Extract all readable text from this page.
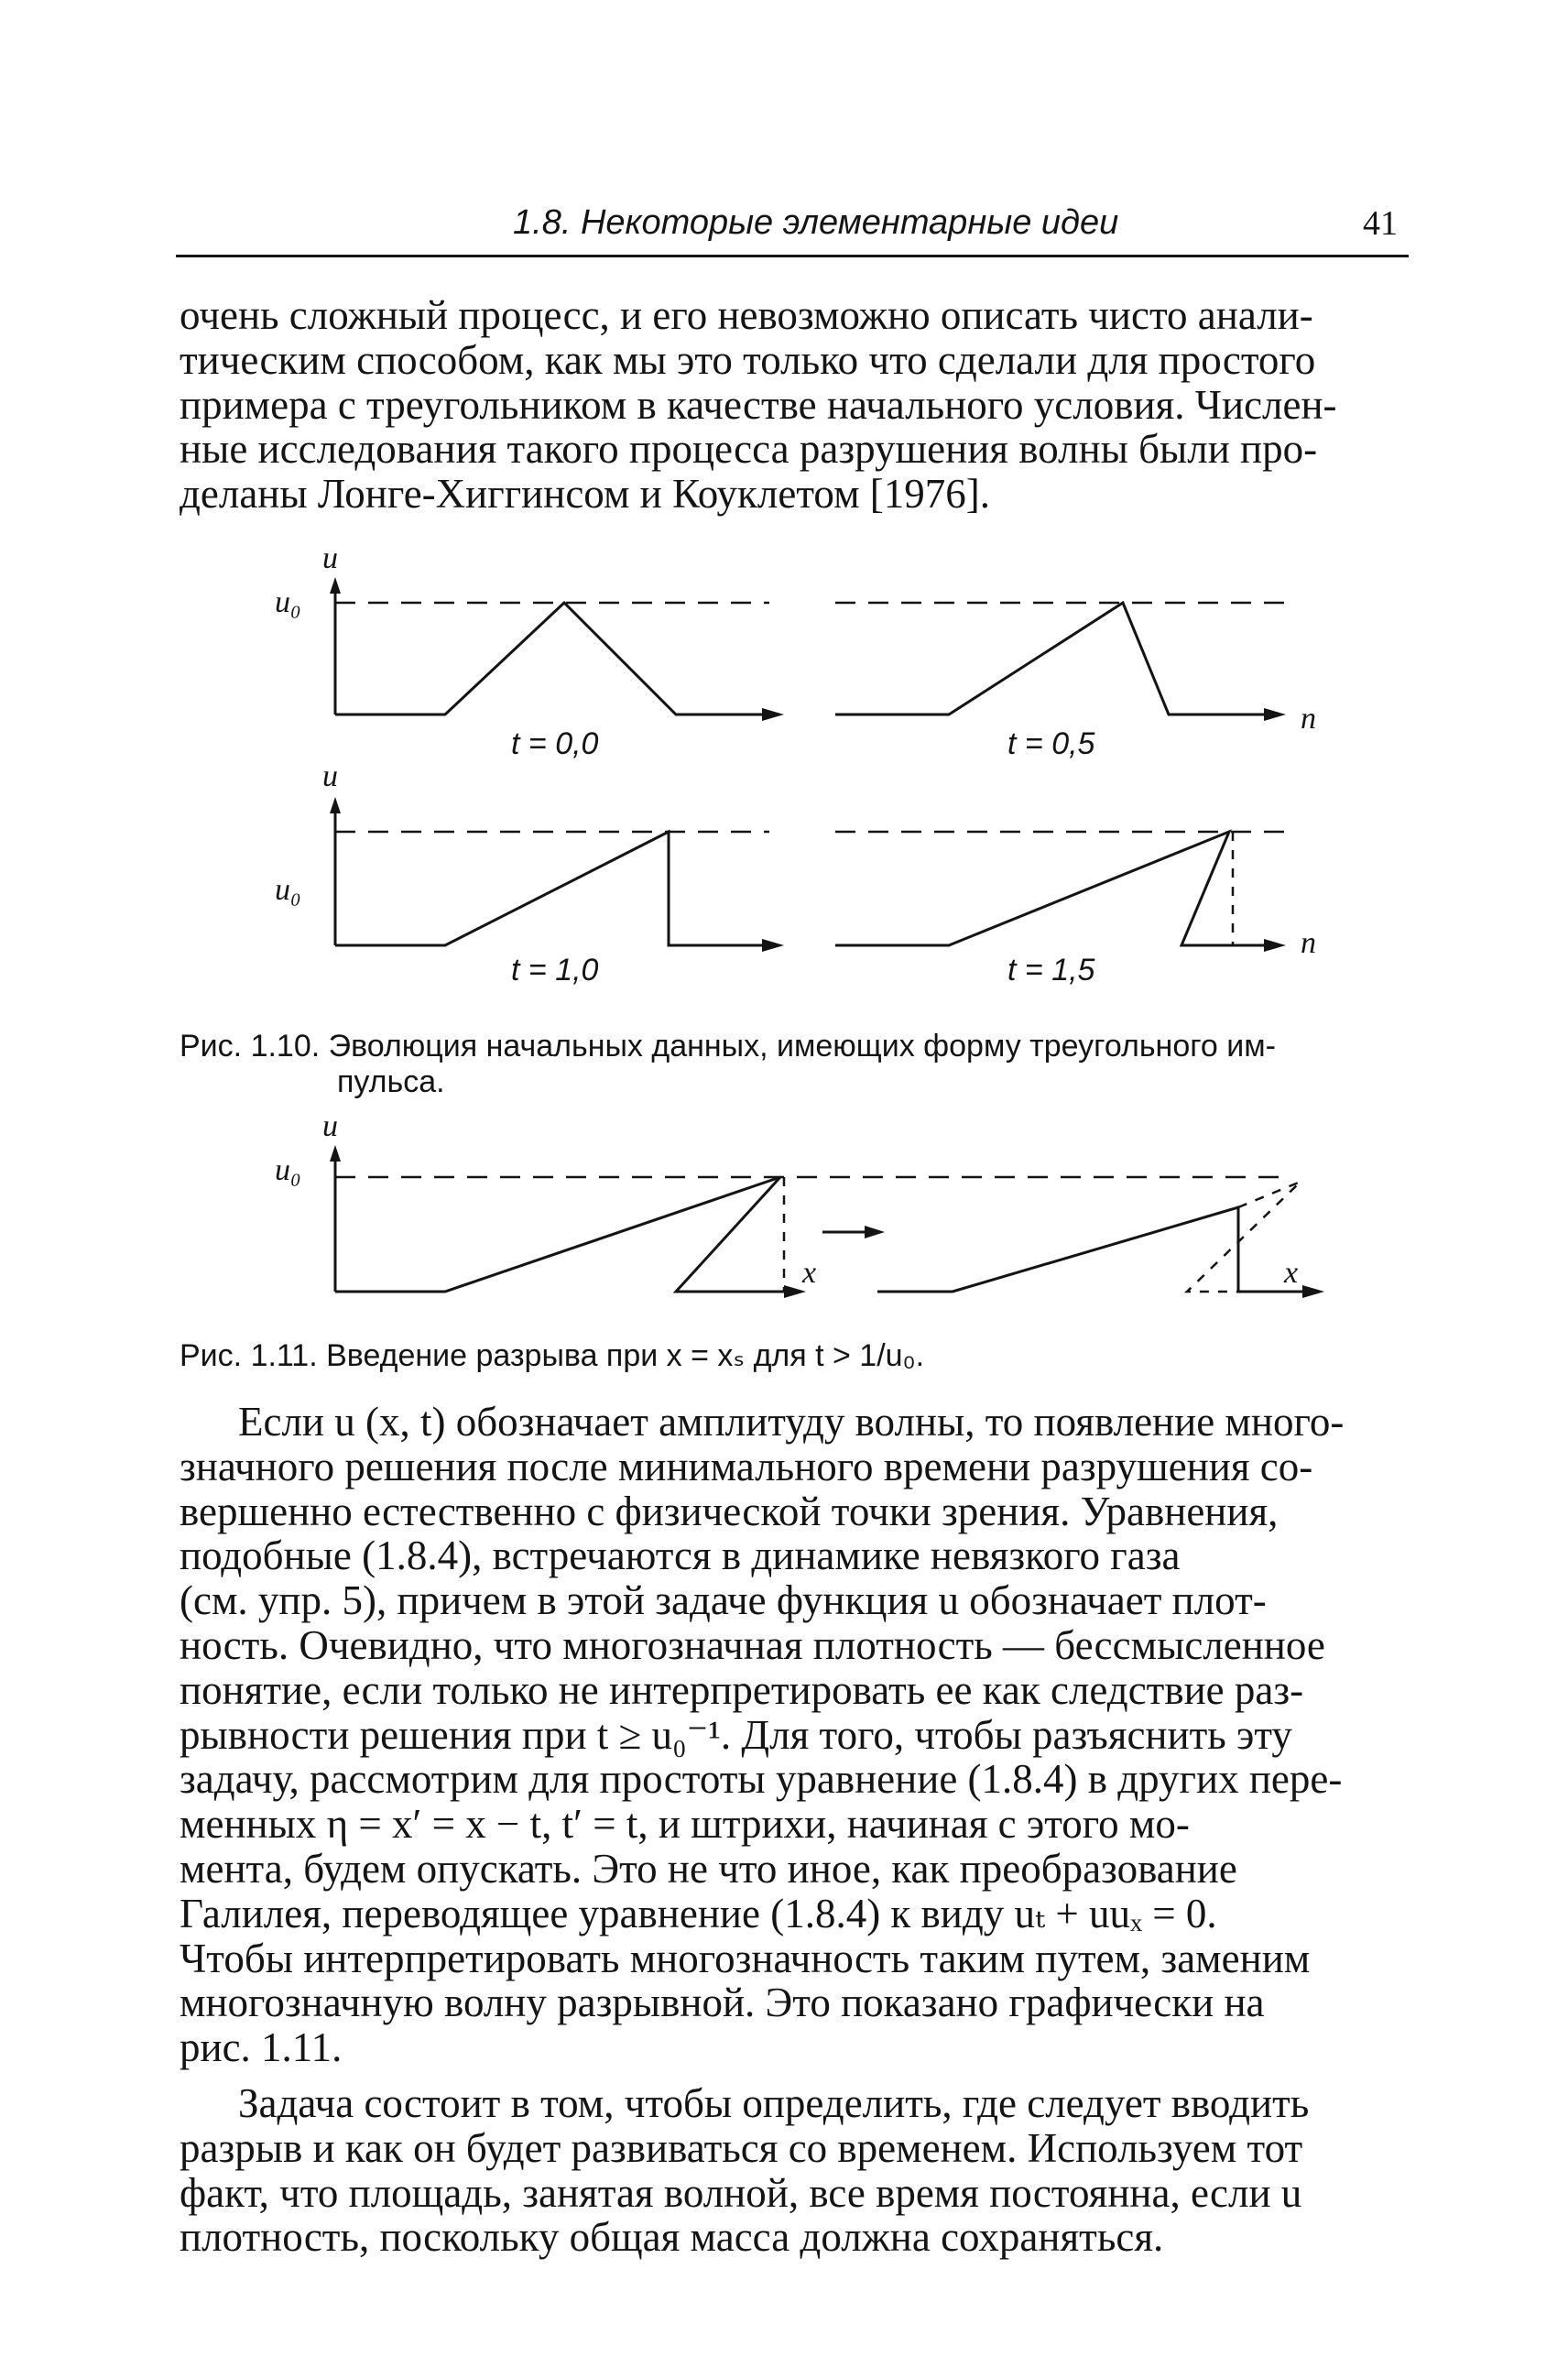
1.8. Некоторые элементарные идеи	41
очень сложный процесс, и его невозможно описать чисто анали-
тическим способом, как мы это только что сделали для простого
примера с треугольником в качестве начального условия. Числен-
ные исследования такого процесса разрушения волны были про-
деланы Лонге-Хиггинсом и Коуклетом [1976].
u
u₀
t = 0,0
n
t = 0,5
u
u₀
t = 1,0
n
t = 1,5
Рис. 1.10. Эволюция начальных данных, имеющих форму треугольного им-
пульса.
u
u₀
x	x
Рис. 1.11. Введение разрыва при x = xₛ для t > 1/u₀.
Если u (x, t) обозначает амплитуду волны, то появление много-
значного решения после минимального времени разрушения со-
вершенно естественно с физической точки зрения. Уравнения,
подобные (1.8.4), встречаются в динамике невязкого газа
(см. упр. 5), причем в этой задаче функция u обозначает плот-
ность. Очевидно, что многозначная плотность — бессмысленное
понятие, если только не интерпретировать ее как следствие раз-
рывности решения при t ≥ u₀⁻¹. Для того, чтобы разъяснить эту
задачу, рассмотрим для простоты уравнение (1.8.4) в других пере-
менных η = x′ = x − t, t′ = t, и штрихи, начиная с этого мо-
мента, будем опускать. Это не что иное, как преобразование
Галилея, переводящее уравнение (1.8.4) к виду uₜ + uuₓ = 0.
Чтобы интерпретировать многозначность таким путем, заменим
многозначную волну разрывной. Это показано графически на
рис. 1.11.
Задача состоит в том, чтобы определить, где следует вводить
разрыв и как он будет развиваться со временем. Используем тот
факт, что площадь, занятая волной, все время постоянна, если u
плотность, поскольку общая масса должна сохраняться.
